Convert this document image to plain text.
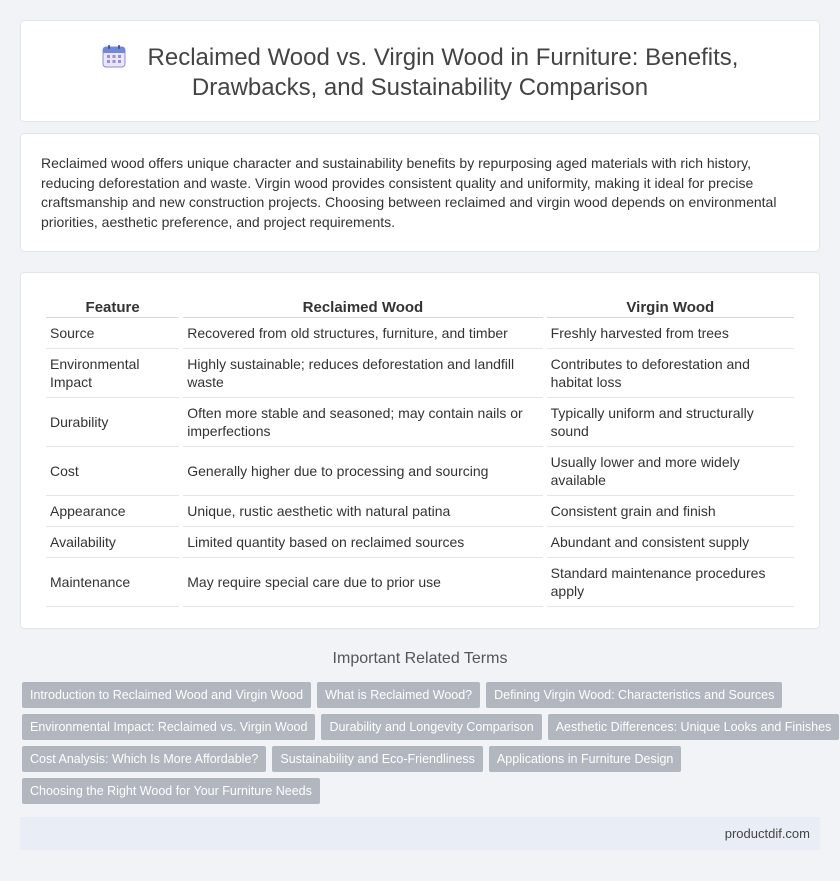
Reclaimed Wood vs. Virgin Wood in Furniture: Benefits,
Drawbacks, and Sustainability Comparison

Reclaimed wood offers unique character and sustainability benefits by repurposing aged materials with rich history, reducing deforestation and waste. Virgin wood provides consistent quality and uniformity, making it ideal for precise craftsmanship and new construction projects. Choosing between reclaimed and virgin wood depends on environmental priorities, aesthetic preference, and project requirements.

Feature	Reclaimed Wood	Virgin Wood
Source	Recovered from old structures, furniture, and timber	Freshly harvested from trees
Environmental Impact	Highly sustainable; reduces deforestation and landfill waste	Contributes to deforestation and habitat loss
Durability	Often more stable and seasoned; may contain nails or imperfections	Typically uniform and structurally sound
Cost	Generally higher due to processing and sourcing	Usually lower and more widely available
Appearance	Unique, rustic aesthetic with natural patina	Consistent grain and finish
Availability	Limited quantity based on reclaimed sources	Abundant and consistent supply
Maintenance	May require special care due to prior use	Standard maintenance procedures apply
Important Related Terms
Introduction to Reclaimed Wood and Virgin Wood What is Reclaimed Wood? Defining Virgin Wood: Characteristics and Sources
Environmental Impact: Reclaimed vs. Virgin Wood Durability and Longevity Comparison Aesthetic Differences: Unique Looks and Finishes
Cost Analysis: Which Is More Affordable? Sustainability and Eco-Friendliness Applications in Furniture Design
Choosing the Right Wood for Your Furniture Needs
productdif.com
